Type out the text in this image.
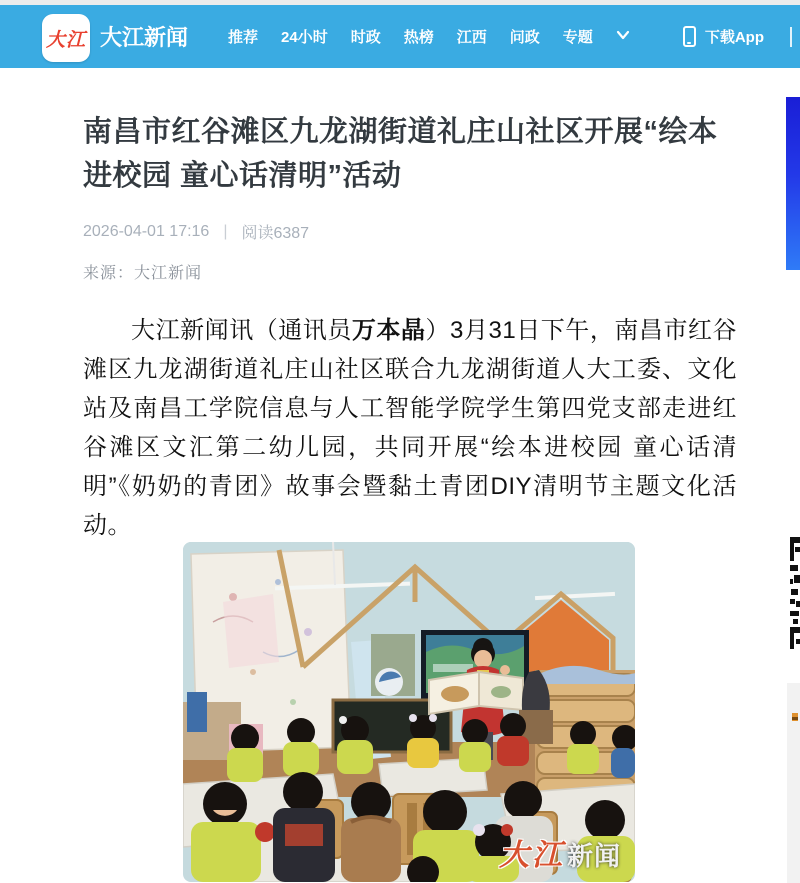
大江 大江新闻	推荐 24小时 时政 热榜 江西 问政 专题	下载App
南昌市红谷滩区九龙湖街道礼庄山社区开展“绘本进校园 童心话清明”活动
2026-04-01 17:16 | 阅读6387
来源：大江新闻

大江新闻讯（通讯员万本晶）3月31日下午，南昌市红谷滩区九龙湖街道礼庄山社区联合九龙湖街道人大工委、文化站及南昌工学院信息与人工智能学院学生第四党支部走进红谷滩区文汇第二幼儿园，共同开展“绘本进校园 童心话清明”《奶奶的青团》故事会暨黏土青团DIY清明节主题文化活动。

大江 新闻
